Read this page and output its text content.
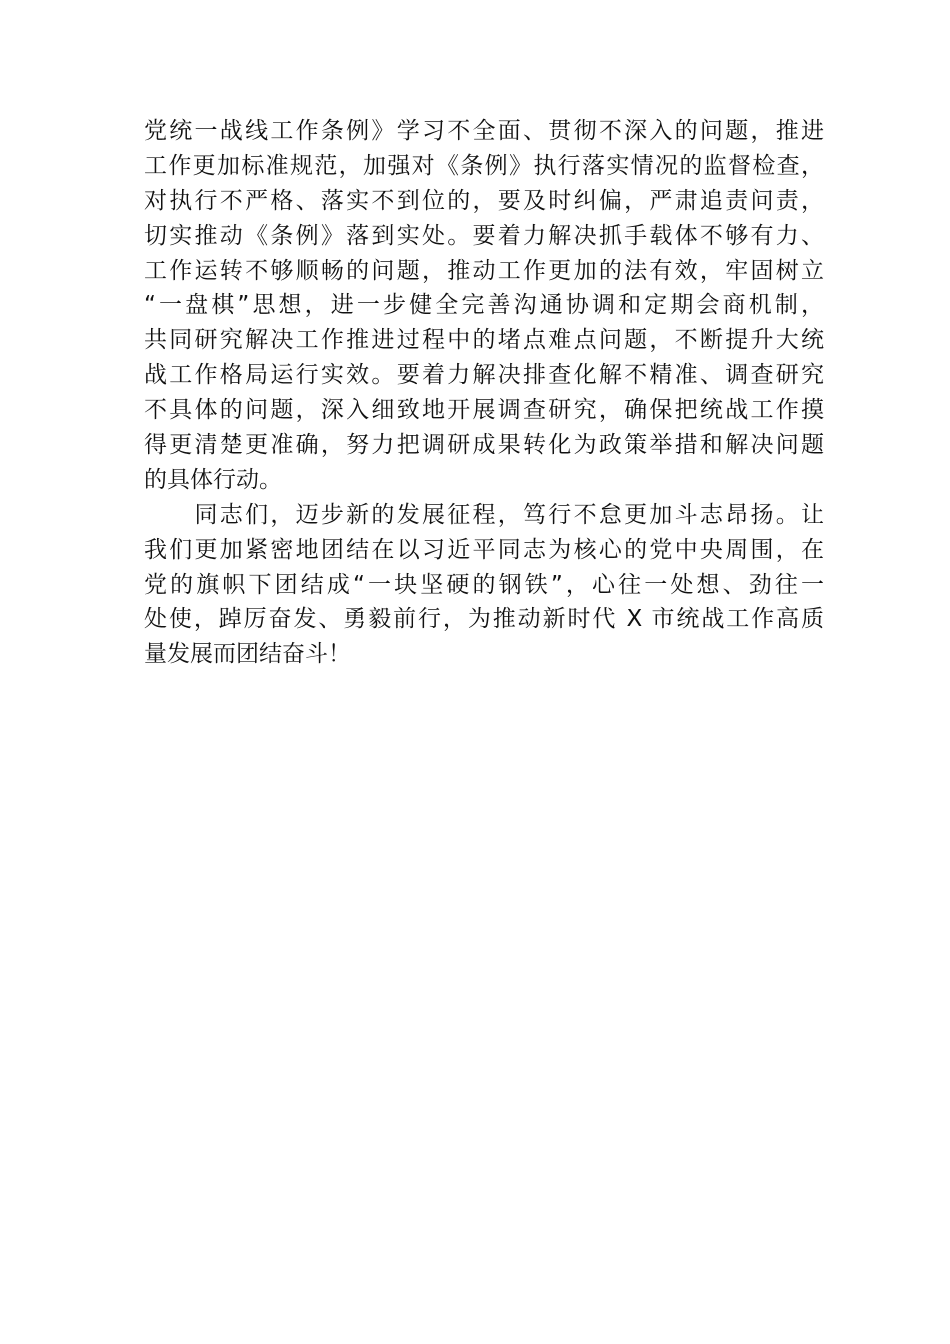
党统一战线工作条例》学习不全面、贯彻不深入的问题，推进
工作更加标准规范，加强对《条例》执行落实情况的监督检查，
对执行不严格、落实不到位的，要及时纠偏，严肃追责问责，
切实推动《条例》落到实处。要着力解决抓手载体不够有力、
工作运转不够顺畅的问题，推动工作更加的法有效，牢固树立
“一盘棋”思想，进一步健全完善沟通协调和定期会商机制，
共同研究解决工作推进过程中的堵点难点问题，不断提升大统
战工作格局运行实效。要着力解决排查化解不精准、调查研究
不具体的问题，深入细致地开展调查研究，确保把统战工作摸
得更清楚更准确，努力把调研成果转化为政策举措和解决问题
的具体行动。
　　同志们，迈步新的发展征程，笃行不怠更加斗志昂扬。让
我们更加紧密地团结在以习近平同志为核心的党中央周围，在
党的旗帜下团结成“一块坚硬的钢铁”，心往一处想、劲往一
处使，踔厉奋发、勇毅前行，为推动新时代 X 市统战工作高质
量发展而团结奋斗！
